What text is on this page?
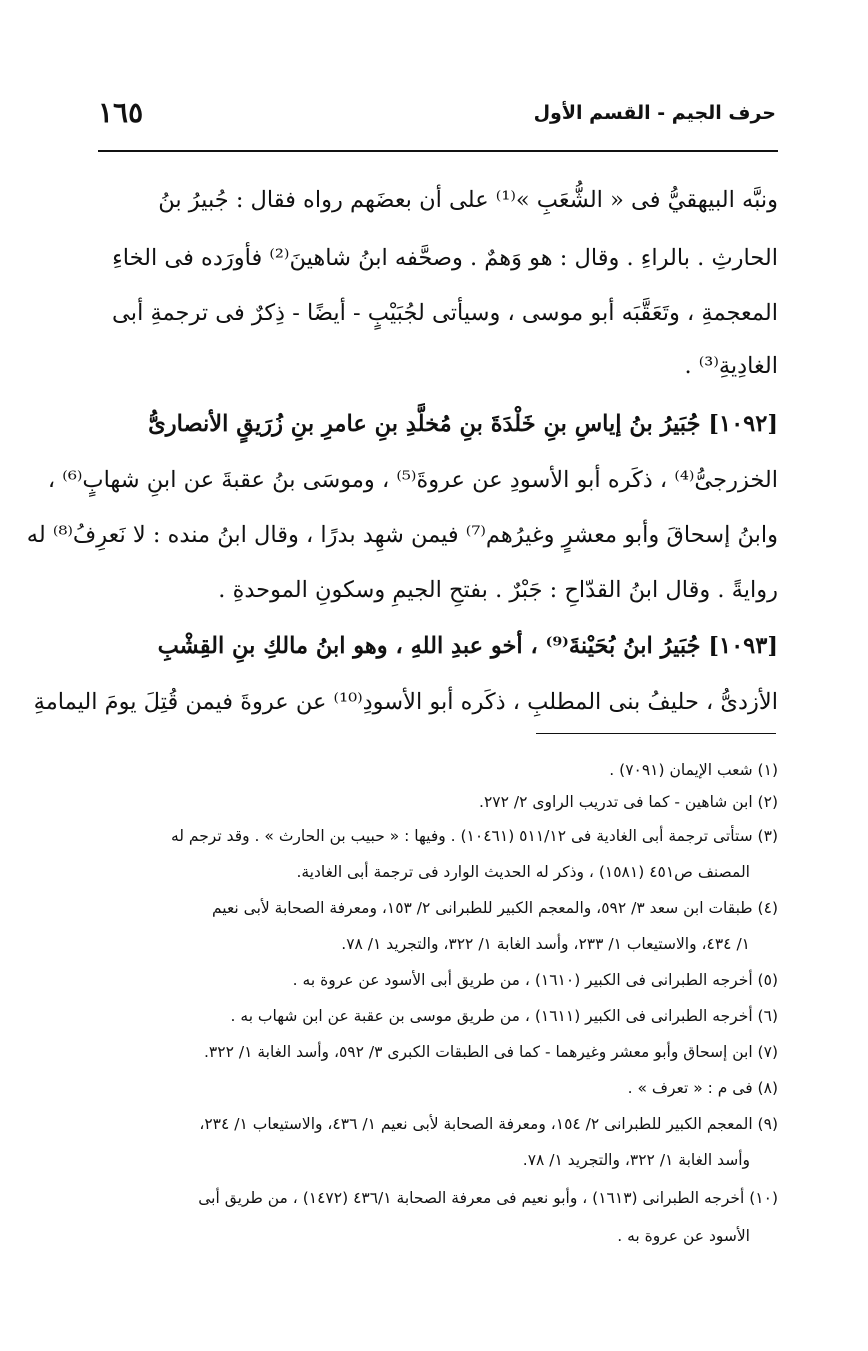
١٦٥	حرف الجيم - القسم الأول
ونبَّه البيهقيُّ فى « الشُّعَبِ »⁽¹⁾ على أن بعضَهم رواه فقال : جُبيرُ بنُ
الحارثِ . بالراءِ . وقال : هو وَهمٌ . وصحَّفه ابنُ شاهينَ⁽²⁾ فأورَده فى الخاءِ
المعجمةِ ، وتَعَقَّبَه أبو موسى ، وسيأتى لجُبَيْبٍ - أيضًا - ذِكرٌ فى ترجمةِ أبى
الغادِيةِ⁽³⁾ .
[١٠٩٢] جُبَيرُ بنُ إياسِ بنِ خَلْدَةَ بنِ مُخلَّدِ بنِ عامرِ بنِ زُرَيقٍ الأنصارىُّ
الخزرجىُّ⁽⁴⁾ ، ذكَره أبو الأسودِ عن عروةَ⁽⁵⁾ ، وموسَى بنُ عقبةَ عن ابنِ شهابٍ⁽⁶⁾ ،
وابنُ إسحاقَ وأبو معشرٍ وغيرُهم⁽⁷⁾ فيمن شهِد بدرًا ، وقال ابنُ منده : لا نَعرِفُ⁽⁸⁾ له
روايةً . وقال ابنُ القدّاحِ : جَبْرٌ . بفتحِ الجيمِ وسكونِ الموحدةِ .
[١٠٩٣] جُبَيرُ ابنُ بُحَيْنةَ⁽⁹⁾ ، أخو عبدِ اللهِ ، وهو ابنُ مالكِ بنِ القِشْبِ
الأزدىُّ ، حليفُ بنى المطلبِ ، ذكَره أبو الأسودِ⁽¹⁰⁾ عن عروةَ فيمن قُتِلَ يومَ اليمامةِ
(١) شعب الإيمان (٧٠٩١) .
(٢) ابن شاهين - كما فى تدريب الراوى ٢/ ٢٧٢.
(٣) ستأتى ترجمة أبى الغادية فى ٥١١/١٢ (١٠٤٦١) . وفيها : « حبيب بن الحارث » . وقد ترجم له
المصنف ص٤٥١ (١٥٨١) ، وذكر له الحديث الوارد فى ترجمة أبى الغادية.
(٤) طبقات ابن سعد ٣/ ٥٩٢، والمعجم الكبير للطبرانى ٢/ ١٥٣، ومعرفة الصحابة لأبى نعيم
١/ ٤٣٤، والاستيعاب ١/ ٢٣٣، وأسد الغابة ١/ ٣٢٢، والتجريد ١/ ٧٨.
(٥) أخرجه الطبرانى فى الكبير (١٦١٠) ، من طريق أبى الأسود عن عروة به .
(٦) أخرجه الطبرانى فى الكبير (١٦١١) ، من طريق موسى بن عقبة عن ابن شهاب به .
(٧) ابن إسحاق وأبو معشر وغيرهما - كما فى الطبقات الكبرى ٣/ ٥٩٢، وأسد الغابة ١/ ٣٢٢.
(٨) فى م : « تعرف » .
(٩) المعجم الكبير للطبرانى ٢/ ١٥٤، ومعرفة الصحابة لأبى نعيم ١/ ٤٣٦، والاستيعاب ١/ ٢٣٤،
وأسد الغابة ١/ ٣٢٢، والتجريد ١/ ٧٨.
(١٠) أخرجه الطبرانى (١٦١٣) ، وأبو نعيم فى معرفة الصحابة ٤٣٦/١ (١٤٧٢) ، من طريق أبى
الأسود عن عروة به .
